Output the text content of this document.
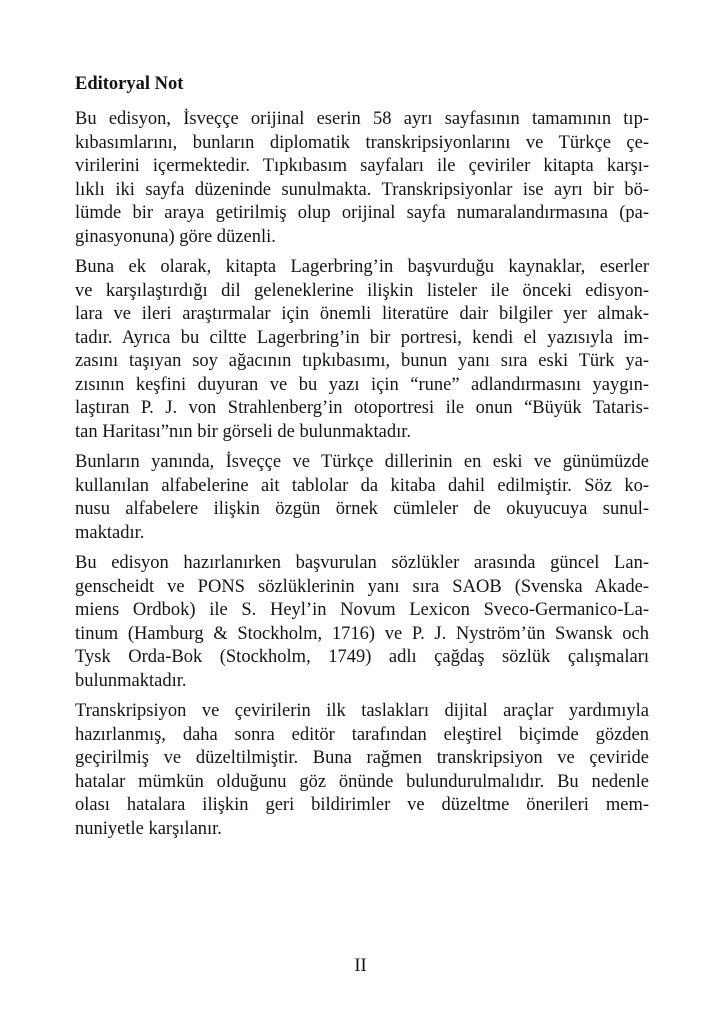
Editoryal Not
Bu edisyon, İsveççe orijinal eserin 58 ayrı sayfasının tamamının tıp-
kıbasımlarını, bunların diplomatik transkripsiyonlarını ve Türkçe çe-
virilerini içermektedir. Tıpkıbasım sayfaları ile çeviriler kitapta karşı-
lıklı iki sayfa düzeninde sunulmakta. Transkripsiyonlar ise ayrı bir bö-
lümde bir araya getirilmiş olup orijinal sayfa numaralandırmasına (pa-
ginasyonuna) göre düzenli.
Buna ek olarak, kitapta Lagerbring’in başvurduğu kaynaklar, eserler
ve karşılaştırdığı dil geleneklerine ilişkin listeler ile önceki edisyon-
lara ve ileri araştırmalar için önemli literatüre dair bilgiler yer almak-
tadır. Ayrıca bu ciltte Lagerbring’in bir portresi, kendi el yazısıyla im-
zasını taşıyan soy ağacının tıpkıbasımı, bunun yanı sıra eski Türk ya-
zısının keşfini duyuran ve bu yazı için “rune” adlandırmasını yaygın-
laştıran P. J. von Strahlenberg’in otoportresi ile onun “Büyük Tataris-
tan Haritası”nın bir görseli de bulunmaktadır.
Bunların yanında, İsveççe ve Türkçe dillerinin en eski ve günümüzde
kullanılan alfabelerine ait tablolar da kitaba dahil edilmiştir. Söz ko-
nusu alfabelere ilişkin özgün örnek cümleler de okuyucuya sunul-
maktadır.
Bu edisyon hazırlanırken başvurulan sözlükler arasında güncel Lan-
genscheidt ve PONS sözlüklerinin yanı sıra SAOB (Svenska Akade-
miens Ordbok) ile S. Heyl’in Novum Lexicon Sveco-Germanico-La-
tinum (Hamburg & Stockholm, 1716) ve P. J. Nyström’ün Swansk och
Tysk Orda-Bok (Stockholm, 1749) adlı çağdaş sözlük çalışmaları
bulunmaktadır.
Transkripsiyon ve çevirilerin ilk taslakları dijital araçlar yardımıyla
hazırlanmış, daha sonra editör tarafından eleştirel biçimde gözden
geçirilmiş ve düzeltilmiştir. Buna rağmen transkripsiyon ve çeviride
hatalar mümkün olduğunu göz önünde bulundurulmalıdır. Bu nedenle
olası hatalara ilişkin geri bildirimler ve düzeltme önerileri mem-
nuniyetle karşılanır.
II
